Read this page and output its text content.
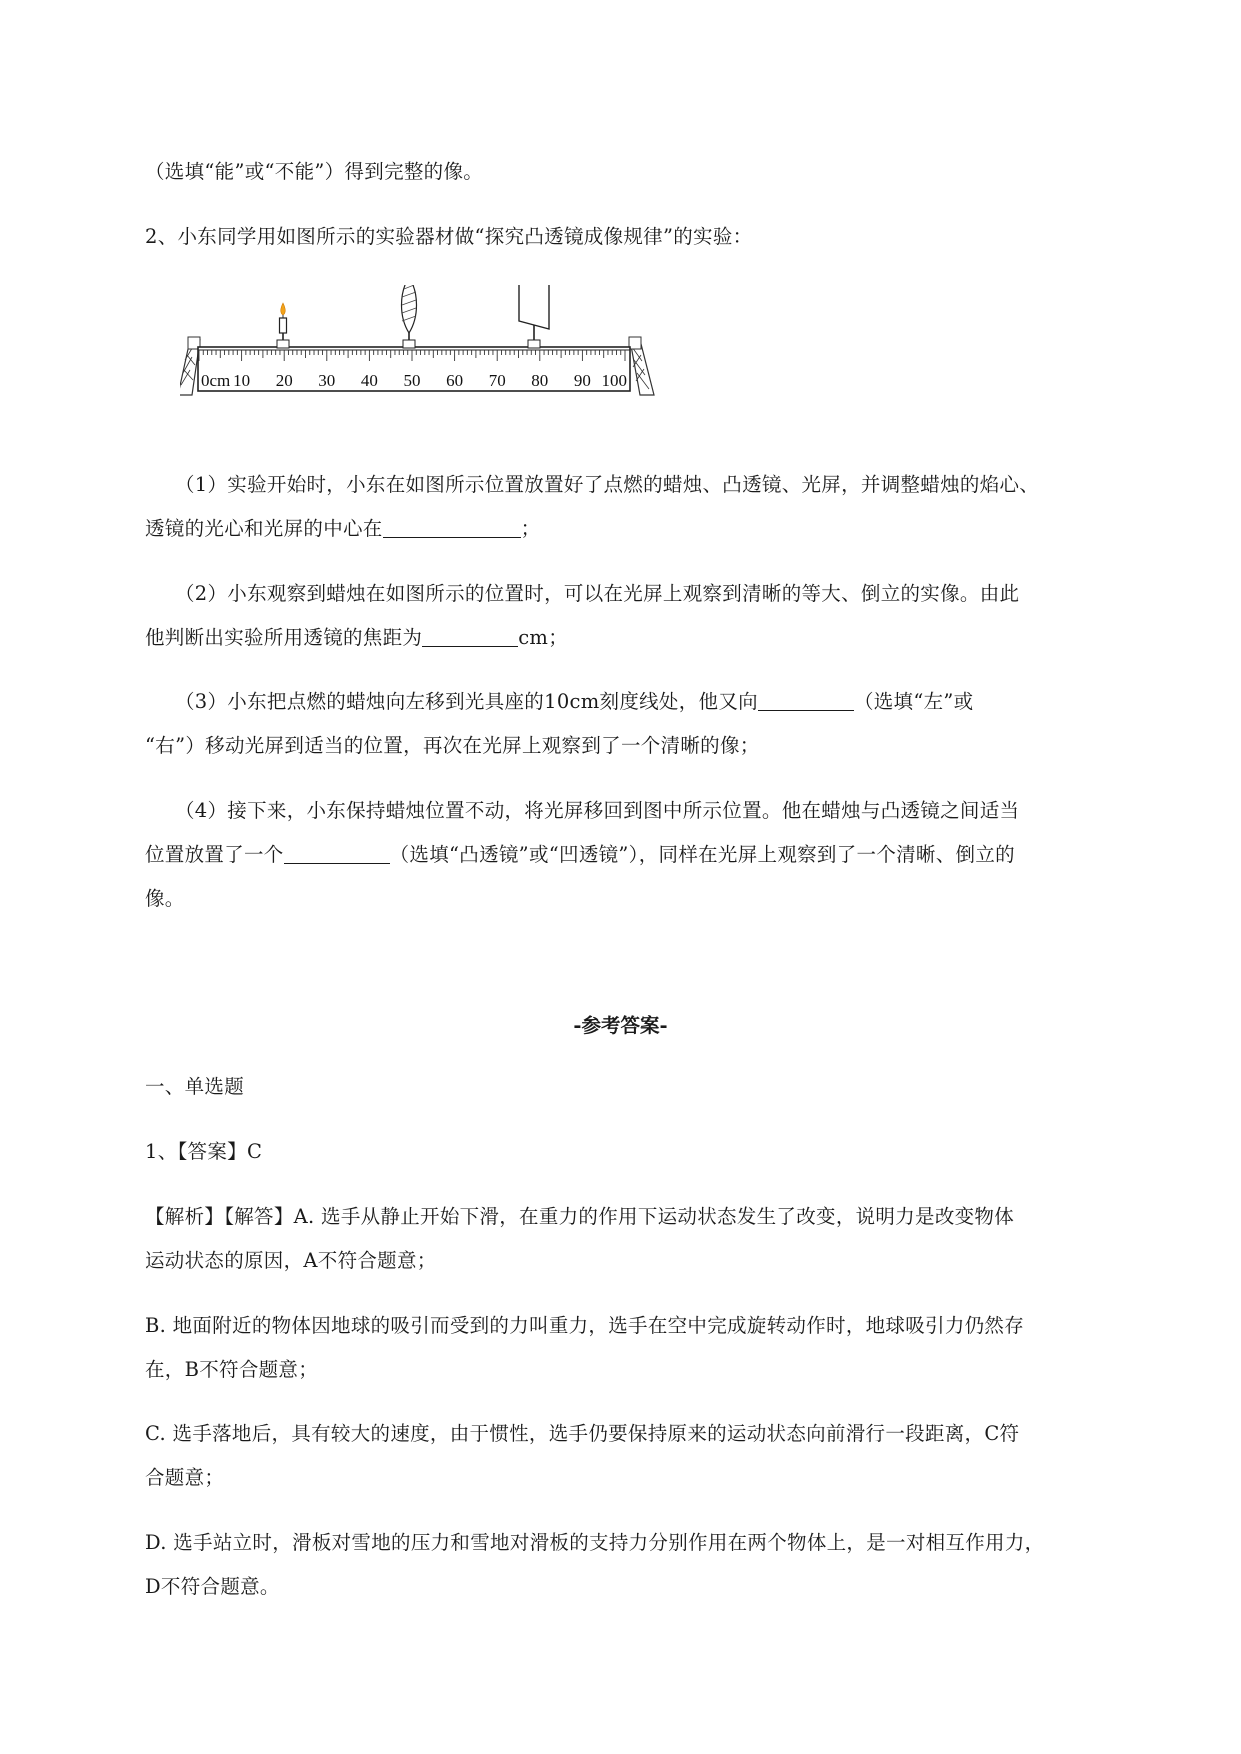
（选填“能”或“不能”）得到完整的像。
2、小东同学用如图所示的实验器材做“探究凸透镜成像规律”的实验：
0cm 10 20 30 40 50 60 70 80 90 100
（1）实验开始时，小东在如图所示位置放置好了点燃的蜡烛、凸透镜、光屏，并调整蜡烛的焰心、
透镜的光心和光屏的中心在	；
（2）小东观察到蜡烛在如图所示的位置时，可以在光屏上观察到清晰的等大、倒立的实像。由此
他判断出实验所用透镜的焦距为	cm；
（3）小东把点燃的蜡烛向左移到光具座的10cm刻度线处，他又向	（选填“左”或
“右”）移动光屏到适当的位置，再次在光屏上观察到了一个清晰的像；
（4）接下来，小东保持蜡烛位置不动，将光屏移回到图中所示位置。他在蜡烛与凸透镜之间适当
位置放置了一个	（选填“凸透镜”或“凹透镜”），同样在光屏上观察到了一个清晰、倒立的
像。
-参考答案-
一、单选题
1、【答案】C
【解析】【解答】A. 选手从静止开始下滑，在重力的作用下运动状态发生了改变，说明力是改变物体
运动状态的原因，A不符合题意；
B. 地面附近的物体因地球的吸引而受到的力叫重力，选手在空中完成旋转动作时，地球吸引力仍然存
在，B不符合题意；
C. 选手落地后，具有较大的速度，由于惯性，选手仍要保持原来的运动状态向前滑行一段距离，C符
合题意；
D. 选手站立时，滑板对雪地的压力和雪地对滑板的支持力分别作用在两个物体上，是一对相互作用力，
D不符合题意。
